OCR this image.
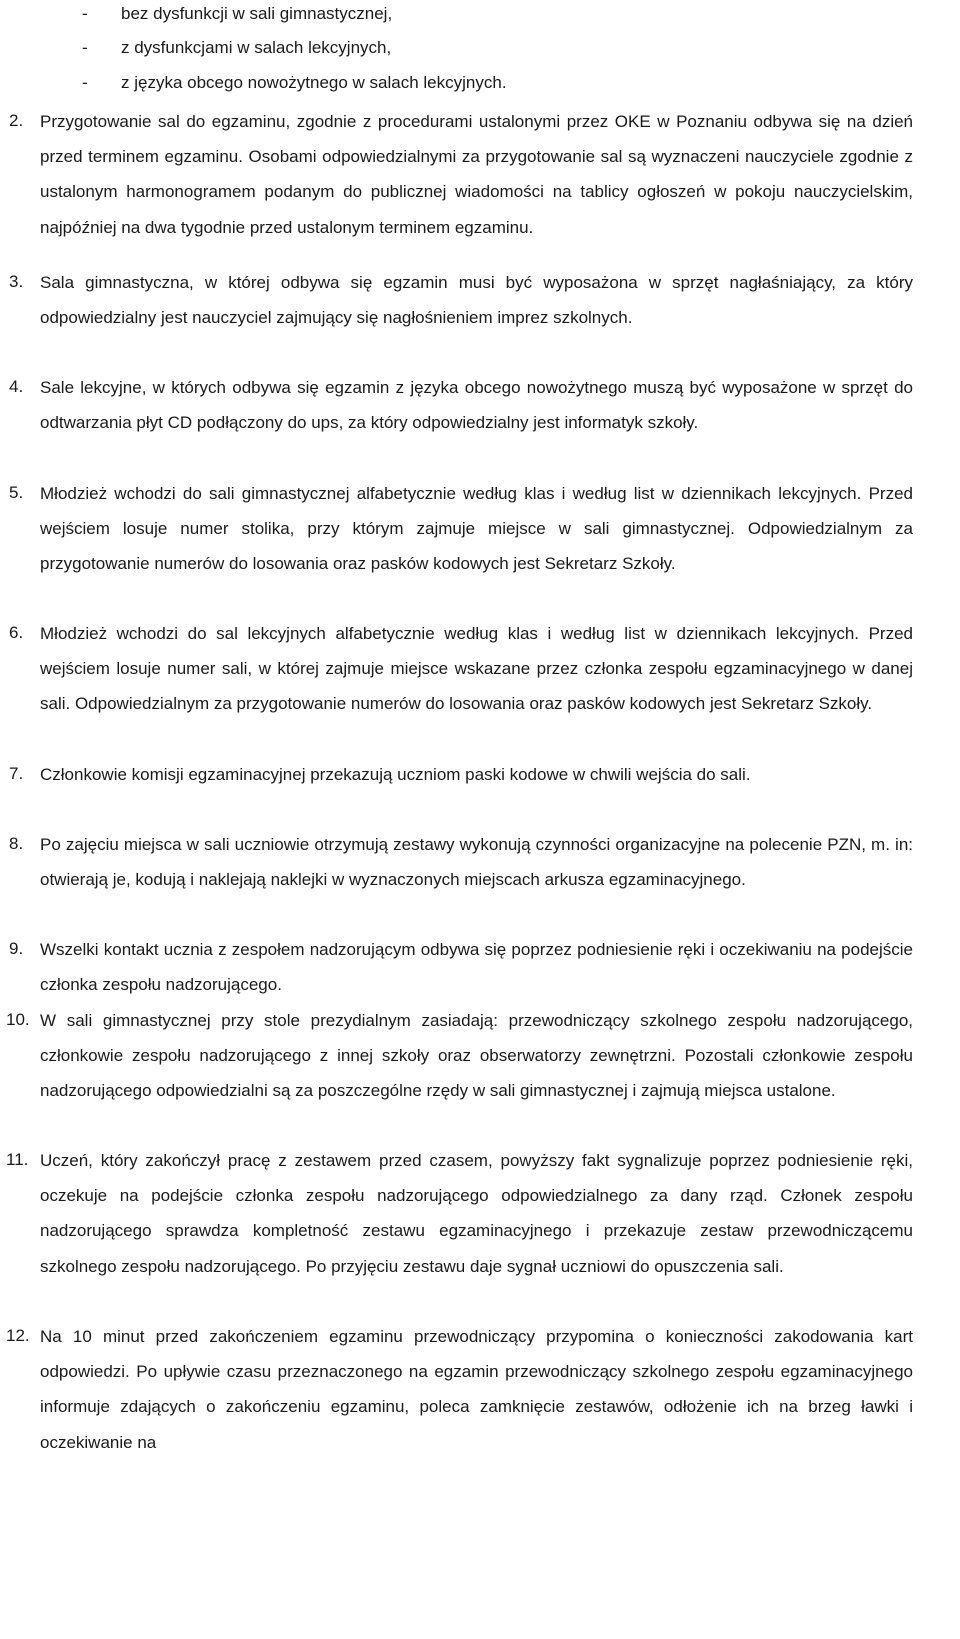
- bez dysfunkcji w sali gimnastycznej,
- z dysfunkcjami w salach lekcyjnych,
- z języka obcego nowożytnego w salach lekcyjnych.
2. Przygotowanie sal do egzaminu, zgodnie z procedurami ustalonymi przez OKE w Poznaniu odbywa się na dzień przed terminem egzaminu. Osobami odpowiedzialnymi za przygotowanie sal są wyznaczeni nauczyciele zgodnie z ustalonym harmonogramem podanym do publicznej wiadomości na tablicy ogłoszeń w pokoju nauczycielskim, najpóźniej na dwa tygodnie przed ustalonym terminem egzaminu.
3. Sala gimnastyczna, w której odbywa się egzamin musi być wyposażona w sprzęt nagłaśniający, za który odpowiedzialny jest nauczyciel zajmujący się nagłośnieniem imprez szkolnych.
4. Sale lekcyjne, w których odbywa się egzamin z języka obcego nowożytnego muszą być wyposażone w sprzęt do odtwarzania płyt CD podłączony do ups, za który odpowiedzialny jest informatyk szkoły.
5. Młodzież wchodzi do sali gimnastycznej alfabetycznie według klas i według list w dziennikach lekcyjnych. Przed wejściem losuje numer stolika, przy którym zajmuje miejsce w sali gimnastycznej. Odpowiedzialnym za przygotowanie numerów do losowania oraz pasków kodowych jest Sekretarz Szkoły.
6. Młodzież wchodzi do sal lekcyjnych alfabetycznie według klas i według list w dziennikach lekcyjnych. Przed wejściem losuje numer sali, w której zajmuje miejsce wskazane przez członka zespołu egzaminacyjnego w danej sali. Odpowiedzialnym za przygotowanie numerów do losowania oraz pasków kodowych jest Sekretarz Szkoły.
7. Członkowie komisji egzaminacyjnej przekazują uczniom paski kodowe w chwili wejścia do sali.
8. Po zajęciu miejsca w sali uczniowie otrzymują zestawy wykonują czynności organizacyjne na polecenie PZN, m. in: otwierają je, kodują i naklejają naklejki w wyznaczonych miejscach arkusza egzaminacyjnego.
9. Wszelki kontakt ucznia z zespołem nadzorującym odbywa się poprzez podniesienie ręki i oczekiwaniu na podejście członka zespołu nadzorującego.
10. W sali gimnastycznej przy stole prezydialnym zasiadają: przewodniczący szkolnego zespołu nadzorującego, członkowie zespołu nadzorującego z innej szkoły oraz obserwatorzy zewnętrzni. Pozostali członkowie zespołu nadzorującego odpowiedzialni są za poszczególne rzędy w sali gimnastycznej i zajmują miejsca ustalone.
11. Uczeń, który zakończył pracę z zestawem przed czasem, powyższy fakt sygnalizuje poprzez podniesienie ręki, oczekuje na podejście członka zespołu nadzorującego odpowiedzialnego za dany rząd. Członek zespołu nadzorującego sprawdza kompletność zestawu egzaminacyjnego i przekazuje zestaw przewodniczącemu szkolnego zespołu nadzorującego. Po przyjęciu zestawu daje sygnał uczniowi do opuszczenia sali.
12. Na 10 minut przed zakończeniem egzaminu przewodniczący przypomina o konieczności zakodowania kart odpowiedzi. Po upływie czasu przeznaczonego na egzamin przewodniczący szkolnego zespołu egzaminacyjnego informuje zdających o zakończeniu egzaminu, poleca zamknięcie zestawów, odłożenie ich na brzeg ławki i oczekiwanie na
